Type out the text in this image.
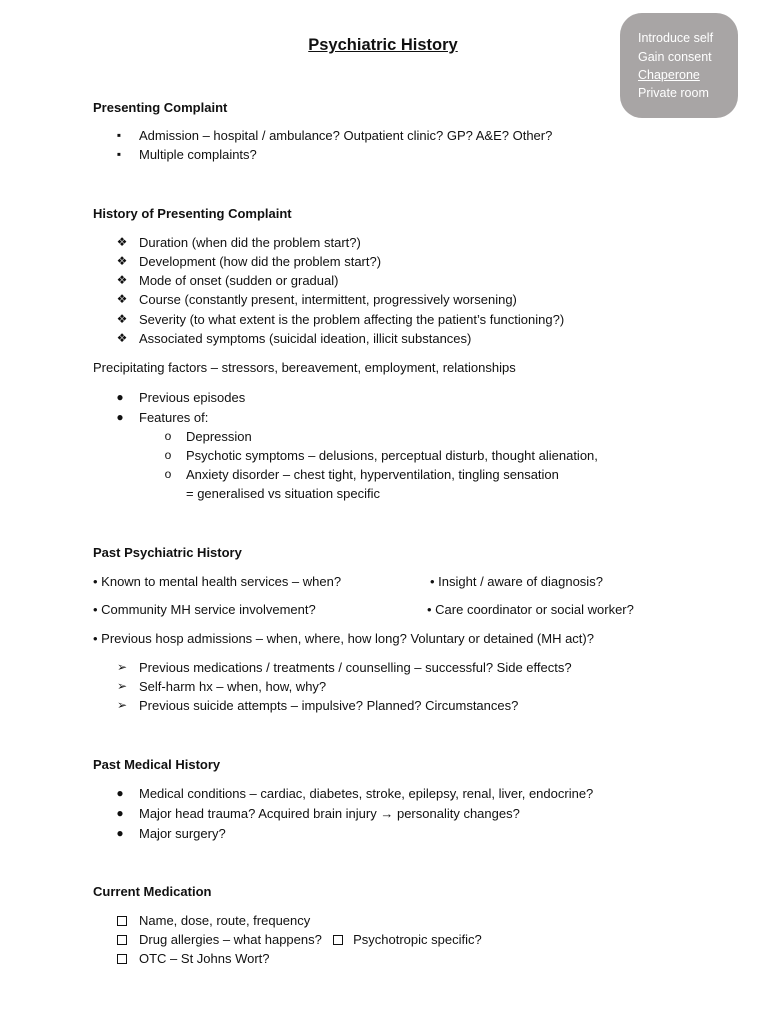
Psychiatric History	Introduce self
Gain consent
Chaperone
Private room
Presenting Complaint
▪	Admission – hospital / ambulance? Outpatient clinic? GP? A&E? Other?
▪	Multiple complaints?
History of Presenting Complaint
❖ Duration (when did the problem start?)
❖ Development (how did the problem start?)
❖ Mode of onset (sudden or gradual)
❖ Course (constantly present, intermittent, progressively worsening)
❖ Severity (to what extent is the problem affecting the patient’s functioning?)
❖ Associated symptoms (suicidal ideation, illicit substances)
Precipitating factors – stressors, bereavement, employment, relationships
● Previous episodes
● Features of:
o Depression
o Psychotic symptoms – delusions, perceptual disturb, thought alienation,
o Anxiety disorder – chest tight, hyperventilation, tingling sensation
= generalised vs situation specific
Past Psychiatric History
• Known to mental health services – when?	• Insight / aware of diagnosis?
• Community MH service involvement?	• Care coordinator or social worker?
• Previous hosp admissions – when, where, how long? Voluntary or detained (MH act)?
➢ Previous medications / treatments / counselling – successful? Side effects?
➢ Self-harm hx – when, how, why?
➢ Previous suicide attempts – impulsive? Planned? Circumstances?
Past Medical History
● Medical conditions – cardiac, diabetes, stroke, epilepsy, renal, liver, endocrine?
● Major head trauma? Acquired brain injury → personality changes?
● Major surgery?
Current Medication
Name, dose, route, frequency
Drug allergies – what happens? Psychotropic specific?
OTC – St Johns Wort?
